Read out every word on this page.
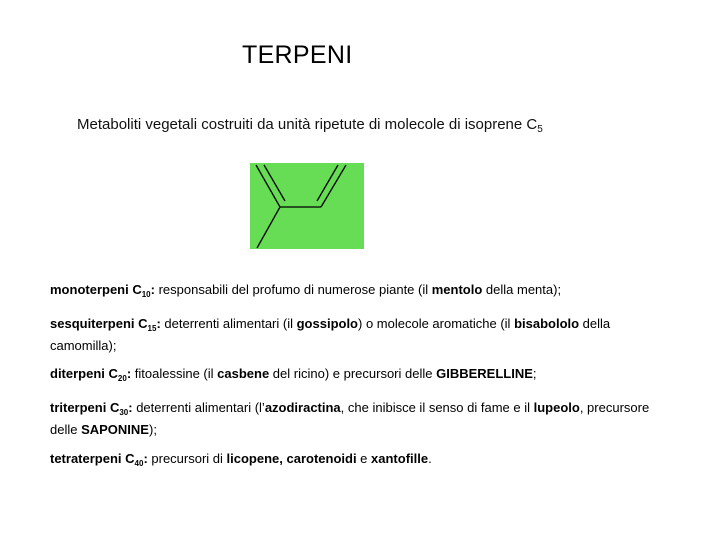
TERPENI
Metaboliti vegetali costruiti da unità ripetute di molecole di isoprene $C_5$
monoterpeni $C_{10}$: responsabili del profumo di numerose piante (il mentolo della menta);
sesquiterpeni $C_{15}$: deterrenti alimentari (il gossipolo) o molecole aromatiche (il bisabololo della camomilla);
diterpeni $C_{20}$: fitoalessine (il casbene del ricino) e precursori delle GIBBERELLINE;
triterpeni $C_{30}$: deterrenti alimentari (l’azodiractina, che inibisce il senso di fame e il lupeolo, precursore delle SAPONINE);
tetraterpeni $C_{40}$: precursori di licopene, carotenoidi e xantofille.
